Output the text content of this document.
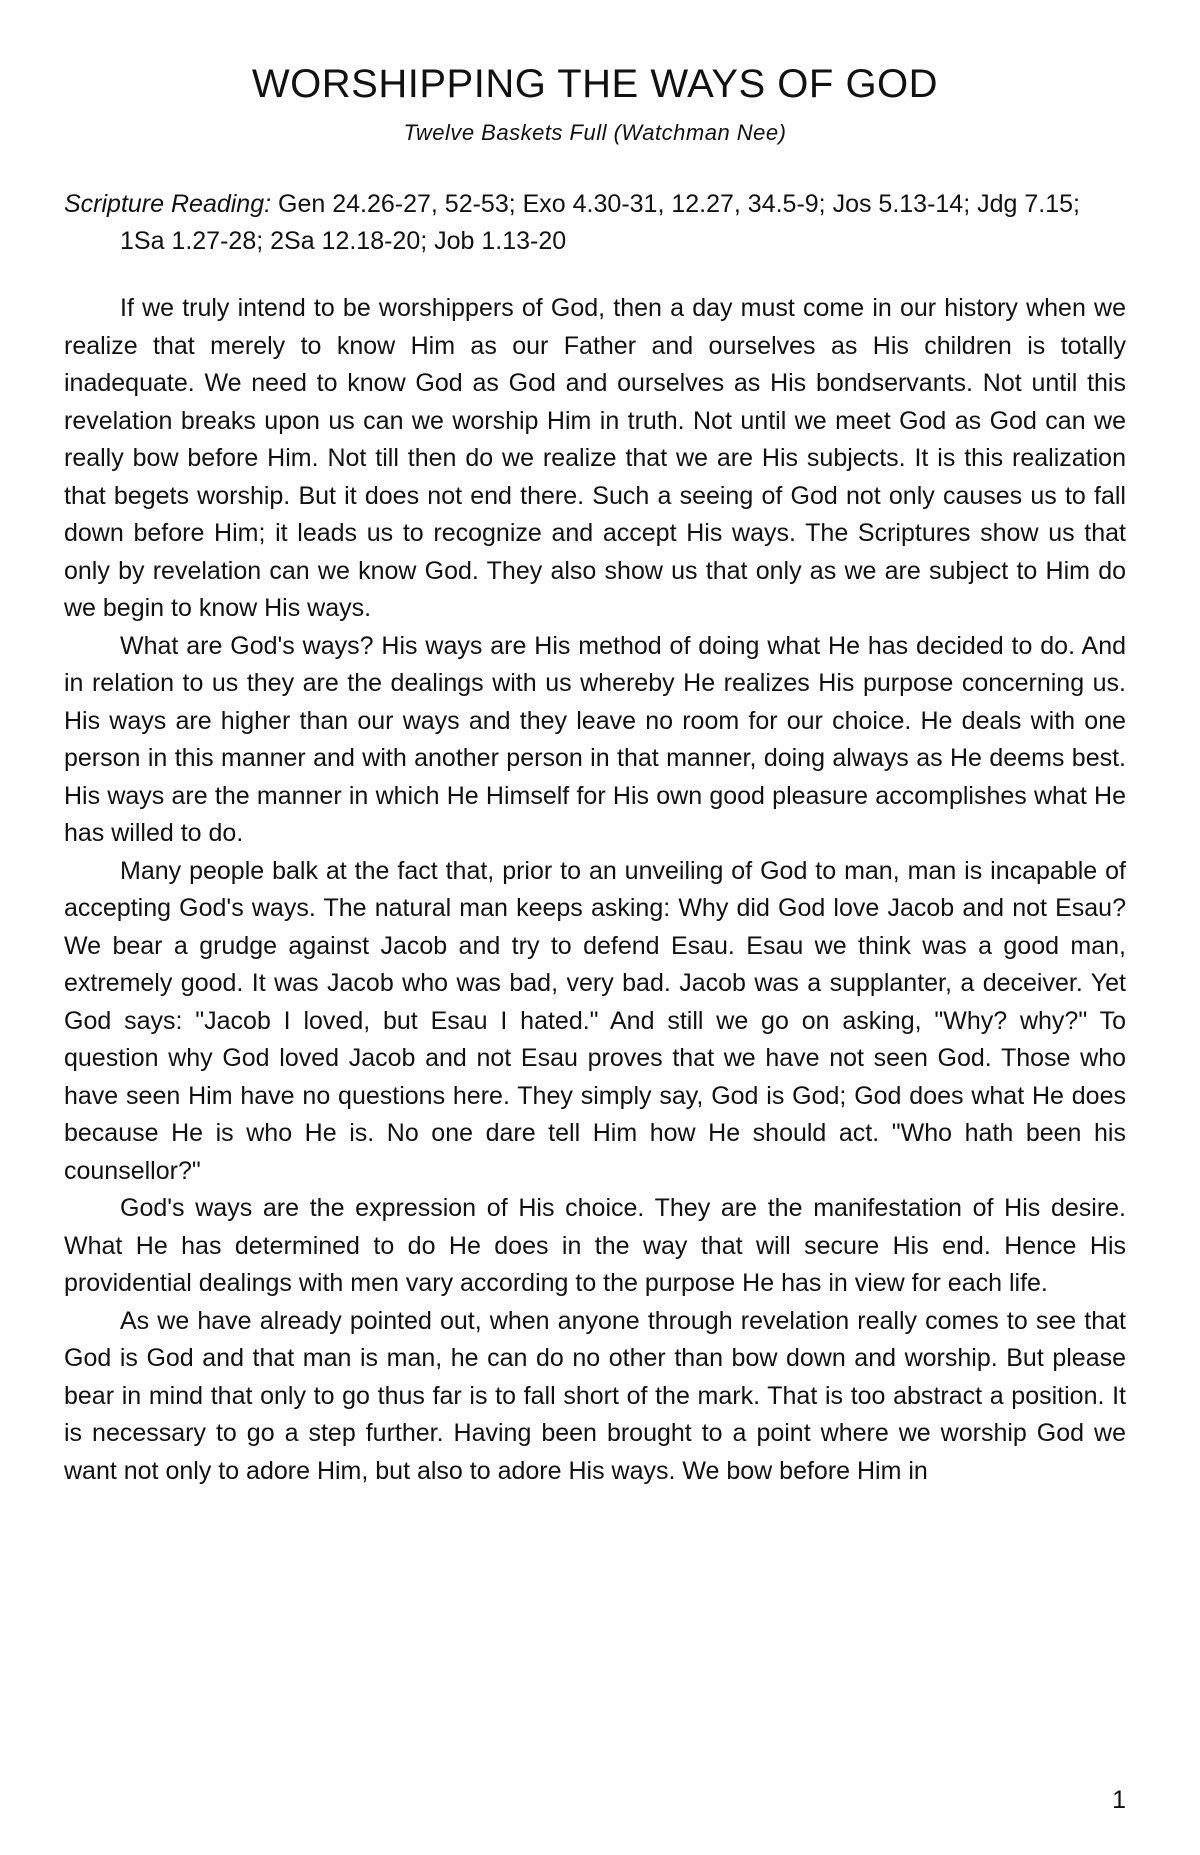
WORSHIPPING THE WAYS OF GOD
Twelve Baskets Full (Watchman Nee)
Scripture Reading: Gen 24.26-27, 52-53; Exo 4.30-31, 12.27, 34.5-9; Jos 5.13-14; Jdg 7.15; 1Sa 1.27-28; 2Sa 12.18-20; Job 1.13-20

If we truly intend to be worshippers of God, then a day must come in our history when we realize that merely to know Him as our Father and ourselves as His children is totally inadequate. We need to know God as God and ourselves as His bondservants. Not until this revelation breaks upon us can we worship Him in truth. Not until we meet God as God can we really bow before Him. Not till then do we realize that we are His subjects. It is this realization that begets worship. But it does not end there. Such a seeing of God not only causes us to fall down before Him; it leads us to recognize and accept His ways. The Scriptures show us that only by revelation can we know God. They also show us that only as we are subject to Him do we begin to know His ways.

What are God's ways? His ways are His method of doing what He has decided to do. And in relation to us they are the dealings with us whereby He realizes His purpose concerning us. His ways are higher than our ways and they leave no room for our choice. He deals with one person in this manner and with another person in that manner, doing always as He deems best. His ways are the manner in which He Himself for His own good pleasure accomplishes what He has willed to do.

Many people balk at the fact that, prior to an unveiling of God to man, man is incapable of accepting God's ways. The natural man keeps asking: Why did God love Jacob and not Esau? We bear a grudge against Jacob and try to defend Esau. Esau we think was a good man, extremely good. It was Jacob who was bad, very bad. Jacob was a supplanter, a deceiver. Yet God says: "Jacob I loved, but Esau I hated." And still we go on asking, "Why? why?" To question why God loved Jacob and not Esau proves that we have not seen God. Those who have seen Him have no questions here. They simply say, God is God; God does what He does because He is who He is. No one dare tell Him how He should act. "Who hath been his counsellor?"

God's ways are the expression of His choice. They are the manifestation of His desire. What He has determined to do He does in the way that will secure His end. Hence His providential dealings with men vary according to the purpose He has in view for each life.

As we have already pointed out, when anyone through revelation really comes to see that God is God and that man is man, he can do no other than bow down and worship. But please bear in mind that only to go thus far is to fall short of the mark. That is too abstract a position. It is necessary to go a step further. Having been brought to a point where we worship God we want not only to adore Him, but also to adore His ways. We bow before Him in

1
